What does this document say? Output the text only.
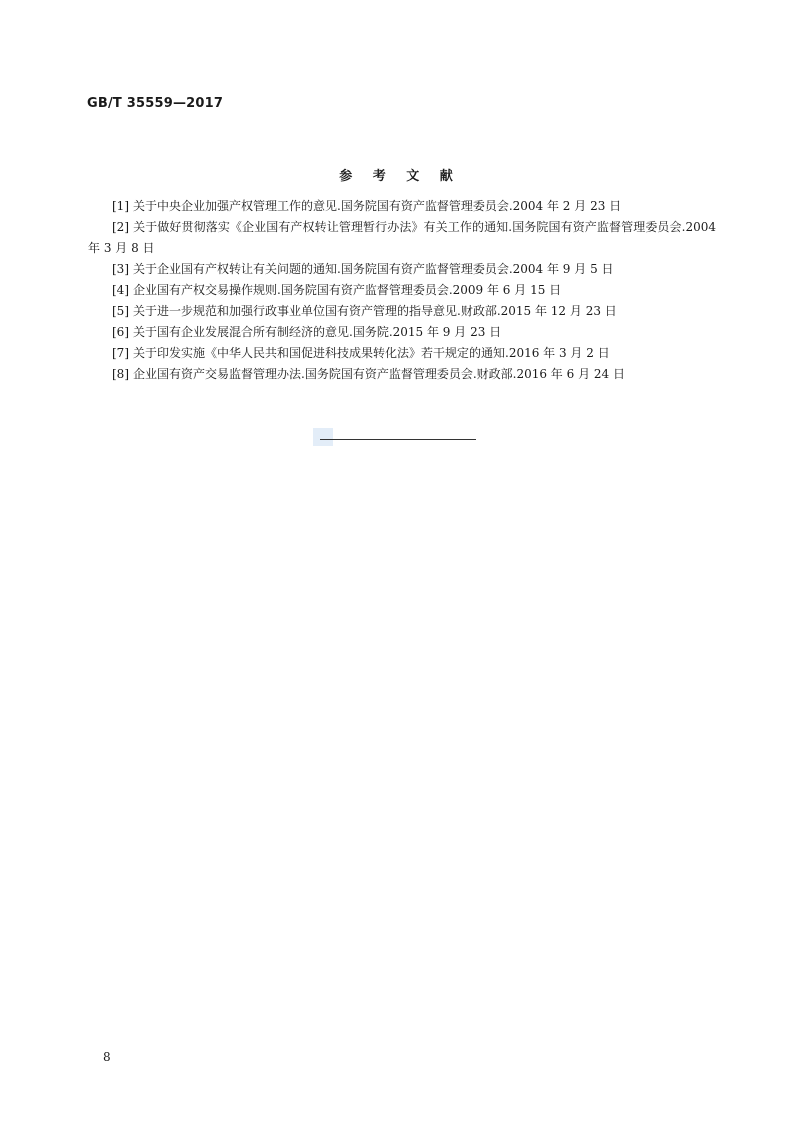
GB/T 35559—2017
参 考 文 献

[1] 关于中央企业加强产权管理工作的意见.国务院国有资产监督管理委员会.2004 年 2 月 23 日

[2] 关于做好贯彻落实《企业国有产权转让管理暂行办法》有关工作的通知.国务院国有资产监督管理委员会.2004 年 3 月 8 日

[3] 关于企业国有产权转让有关问题的通知.国务院国有资产监督管理委员会.2004 年 9 月 5 日

[4] 企业国有产权交易操作规则.国务院国有资产监督管理委员会.2009 年 6 月 15 日

[5] 关于进一步规范和加强行政事业单位国有资产管理的指导意见.财政部.2015 年 12 月 23 日

[6] 关于国有企业发展混合所有制经济的意见.国务院.2015 年 9 月 23 日

[7] 关于印发实施《中华人民共和国促进科技成果转化法》若干规定的通知.2016 年 3 月 2 日

[8] 企业国有资产交易监督管理办法.国务院国有资产监督管理委员会.财政部.2016 年 6 月 24 日

8
